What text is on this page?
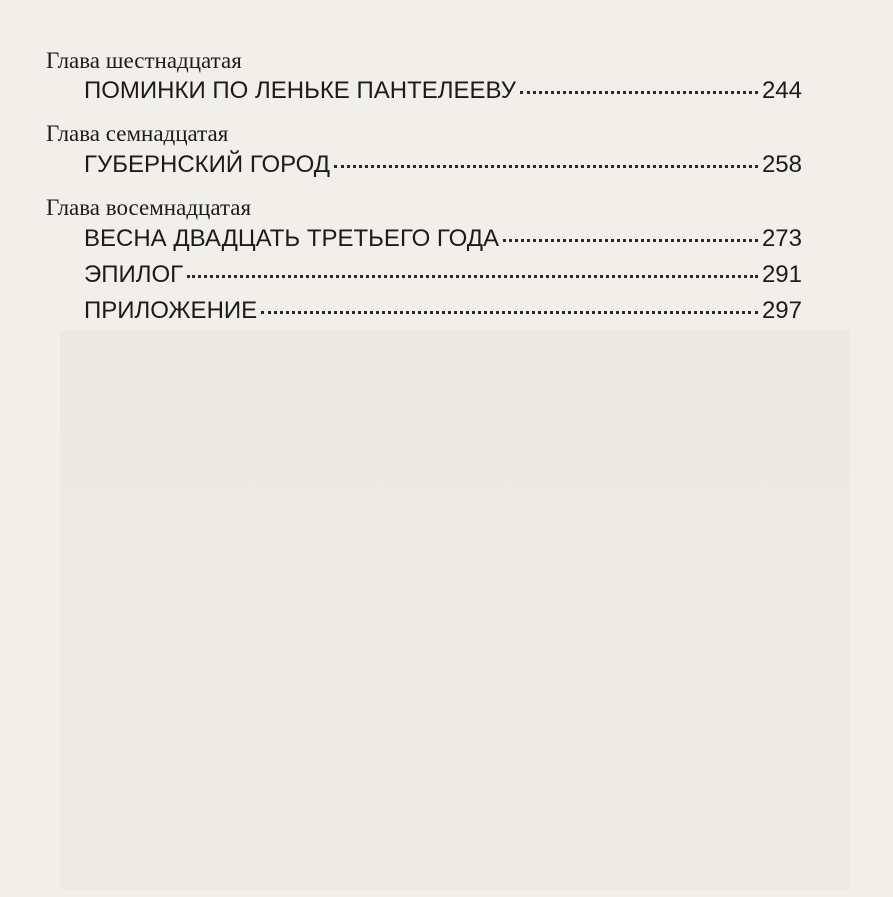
Глава шестнадцатая
ПОМИНКИ ПО ЛЕНЬКЕ ПАНТЕЛЕЕВУ	244
Глава семнадцатая
ГУБЕРНСКИЙ ГОРОД	258
Глава восемнадцатая
ВЕСНА ДВАДЦАТЬ ТРЕТЬЕГО ГОДА	273
ЭПИЛОГ	291
ПРИЛОЖЕНИЕ	297
